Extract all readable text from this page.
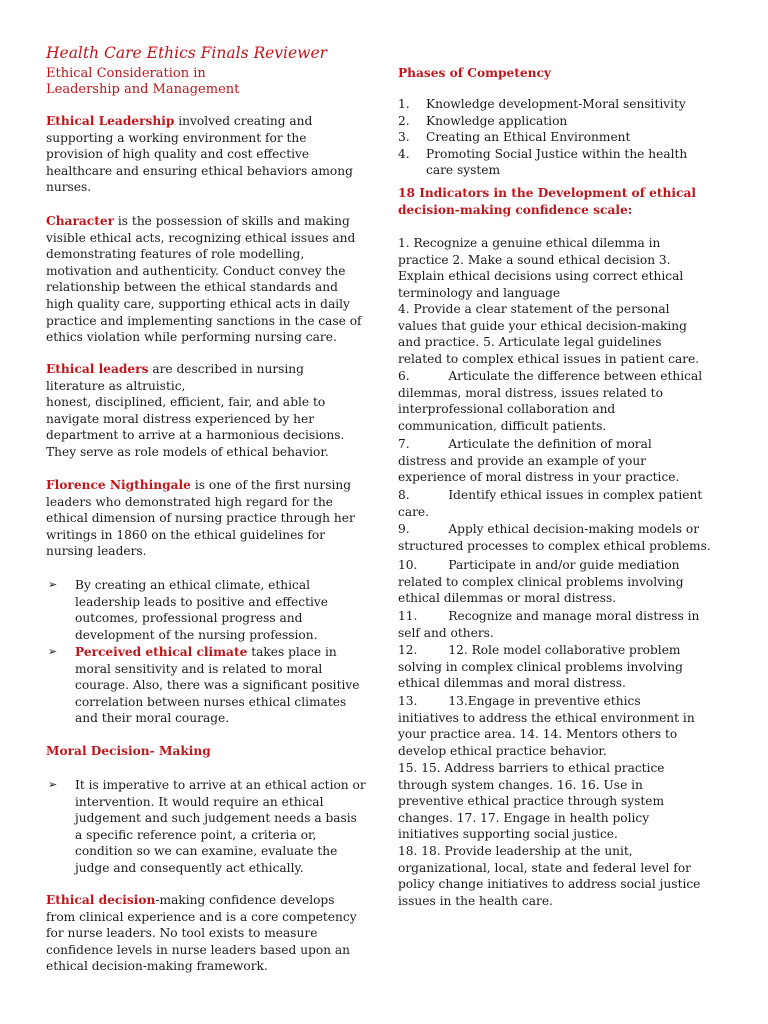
Health Care Ethics Finals Reviewer
Ethical Consideration in
Leadership and Management

Ethical Leadership involved creating and supporting a working environment for the provision of high quality and cost effective healthcare and ensuring ethical behaviors among nurses.

Character is the possession of skills and making visible ethical acts, recognizing ethical issues and demonstrating features of role modelling, motivation and authenticity. Conduct convey the relationship between the ethical standards and high quality care, supporting ethical acts in daily practice and implementing sanctions in the case of ethics violation while performing nursing care.

Ethical leaders are described in nursing literature as altruistic,
honest, disciplined, efficient, fair, and able to navigate moral distress experienced by her department to arrive at a harmonious decisions. They serve as role models of ethical behavior.

Florence Nigthingale is one of the first nursing leaders who demonstrated high regard for the ethical dimension of nursing practice through her writings in 1860 on the ethical guidelines for nursing leaders.

➢	By creating an ethical climate, ethical leadership leads to positive and effective outcomes, professional progress and development of the nursing profession.
➢	Perceived ethical climate takes place in moral sensitivity and is related to moral courage. Also, there was a significant positive correlation between nurses ethical climates and their moral courage.

Moral Decision- Making

➢	It is imperative to arrive at an ethical action or intervention. It would require an ethical judgement and such judgement needs a basis a specific reference point, a criteria or, condition so we can examine, evaluate the judge and consequently act ethically.

Ethical decision-making confidence develops from clinical experience and is a core competency for nurse leaders. No tool exists to measure confidence levels in nurse leaders based upon an ethical decision-making framework.

Phases of Competency

1.	Knowledge development-Moral sensitivity
2.	Knowledge application
3.	Creating an Ethical Environment
4.	Promoting Social Justice within the health care system

18 Indicators in the Development of ethical decision-making confidence scale:

1. Recognize a genuine ethical dilemma in practice 2. Make a sound ethical decision 3. Explain ethical decisions using correct ethical terminology and language

4. Provide a clear statement of the personal values that guide your ethical decision-making and practice. 5. Articulate legal guidelines related to complex ethical issues in patient care.

6.          Articulate the difference between ethical dilemmas, moral distress, issues related to interprofessional collaboration and communication, difficult patients.

7.          Articulate the definition of moral distress and provide an example of your experience of moral distress in your practice.

8.          Identify ethical issues in complex patient care.

9.          Apply ethical decision-making models or structured processes to complex ethical problems.

10.        Participate in and/or guide mediation related to complex clinical problems involving ethical dilemmas or moral distress.

11.        Recognize and manage moral distress in self and others.

12.        12. Role model collaborative problem solving in complex clinical problems involving ethical dilemmas and moral distress.

13.        13.Engage in preventive ethics initiatives to address the ethical environment in your practice area. 14. 14. Mentors others to develop ethical practice behavior.

15. 15. Address barriers to ethical practice through system changes. 16. 16. Use in preventive ethical practice through system changes. 17. 17. Engage in health policy initiatives supporting social justice.

18. 18. Provide leadership at the unit, organizational, local, state and federal level for policy change initiatives to address social justice issues in the health care.
